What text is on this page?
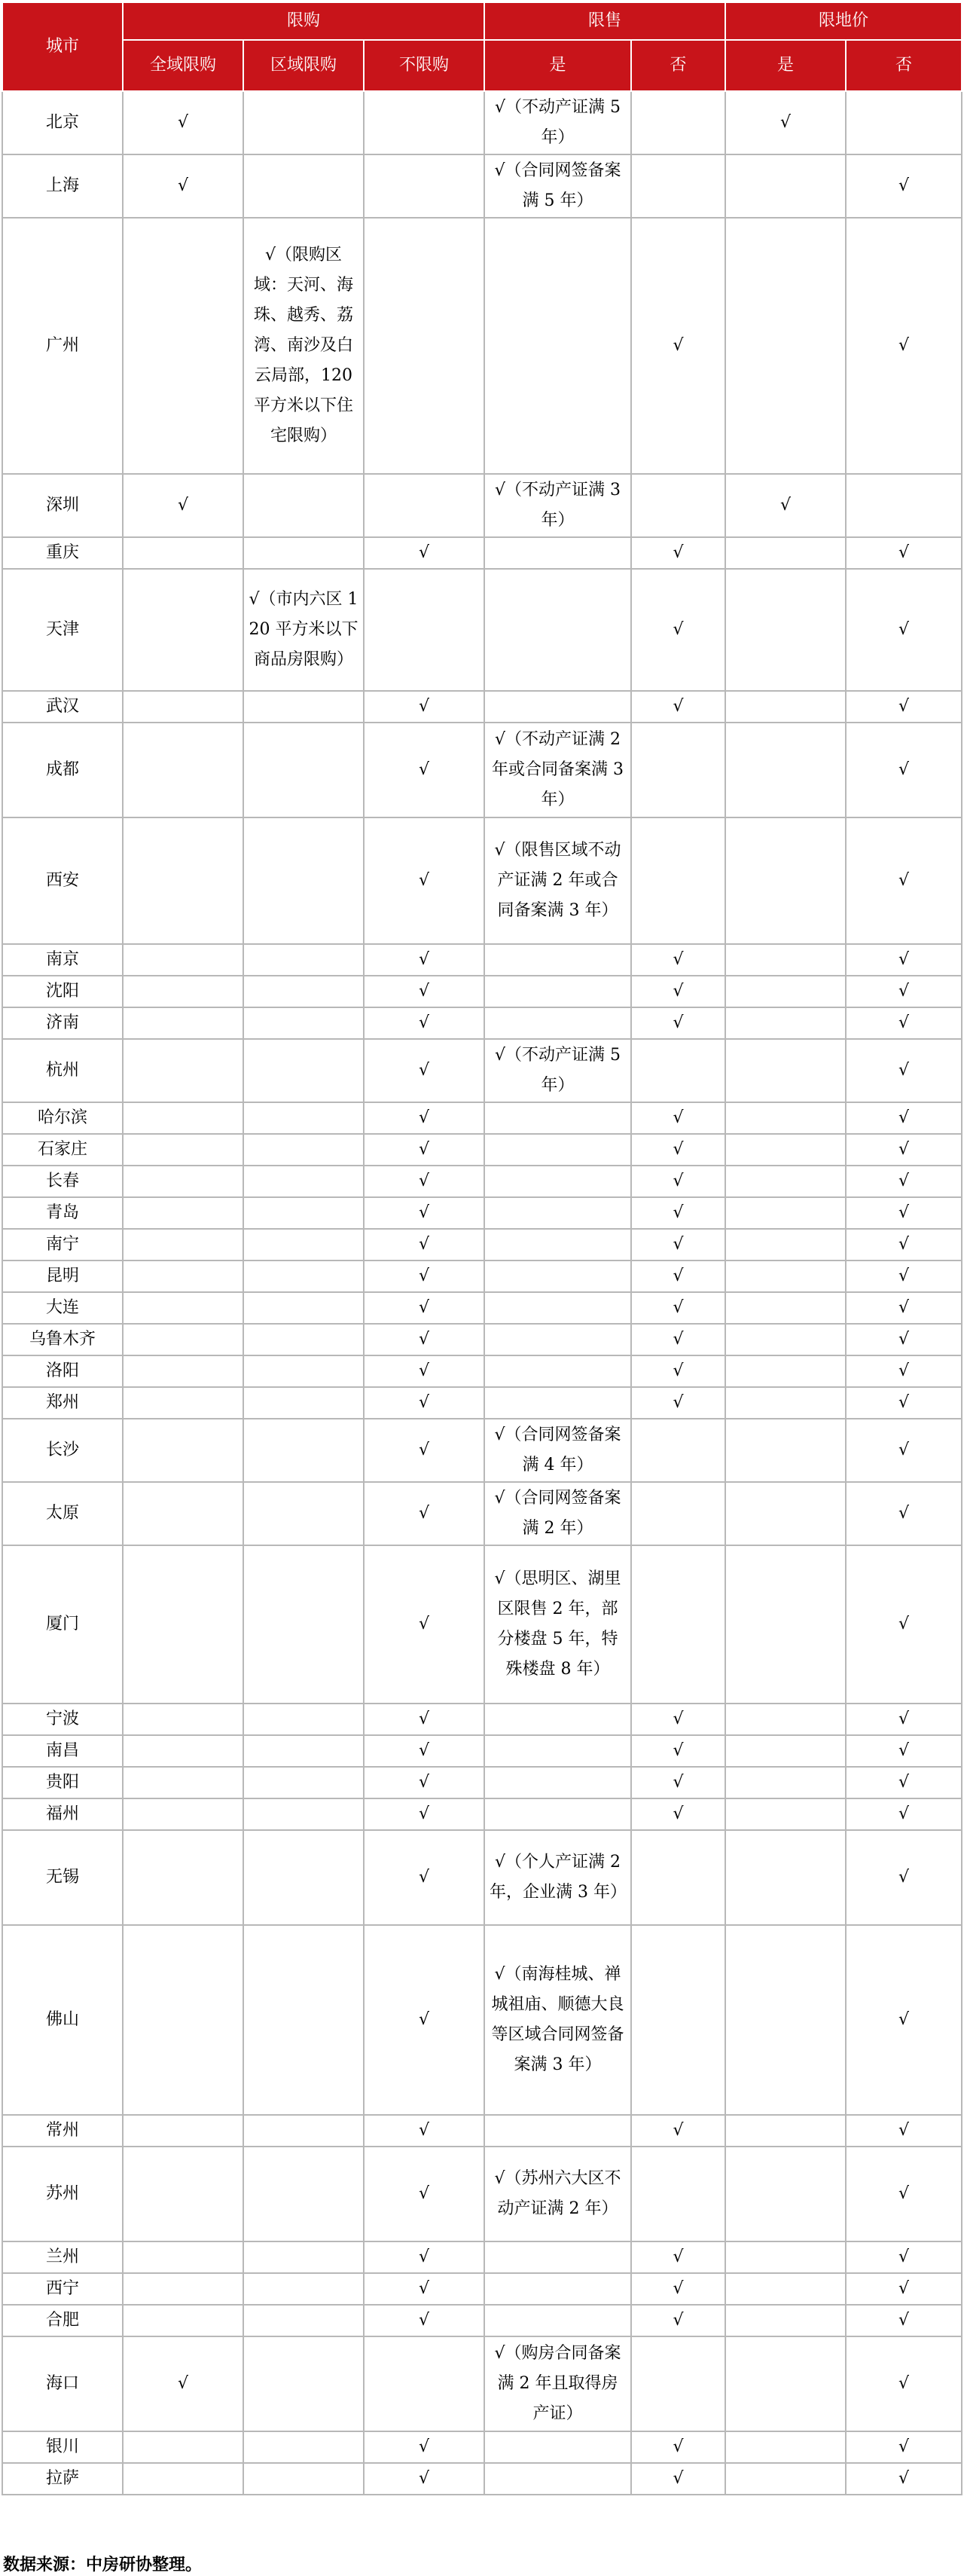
城市	限购			限售		限地价	
	全域限购	区域限购	不限购	是	否	是	否
北京	√			√（不动产证满 5 年）		√	
上海	√			√（合同网签备案满 5 年）			√
广州		√（限购区域：天河、海珠、越秀、荔湾、南沙及白云局部，120 平方米以下住宅限购）			√		√
深圳	√			√（不动产证满 3 年）		√	
重庆			√		√		√
天津		√（市内六区 120 平方米以下商品房限购）			√		√
武汉			√		√		√
成都			√	√（不动产证满 2 年或合同备案满 3 年）			√
西安			√	√（限售区域不动产证满 2 年或合同备案满 3 年）			√
南京			√		√		√
沈阳			√		√		√
济南			√		√		√
杭州			√	√（不动产证满 5 年）			√
哈尔滨			√		√		√
石家庄			√		√		√
长春			√		√		√
青岛			√		√		√
南宁			√		√		√
昆明			√		√		√
大连			√		√		√
乌鲁木齐			√		√		√
洛阳			√		√		√
郑州			√		√		√
长沙			√	√（合同网签备案满 4 年）			√
太原			√	√（合同网签备案满 2 年）			√
厦门			√	√（思明区、湖里区限售 2 年，部分楼盘 5 年，特殊楼盘 8 年）			√
宁波			√		√		√
南昌			√		√		√
贵阳			√		√		√
福州			√		√		√
无锡			√	√（个人产证满 2 年，企业满 3 年）			√
佛山			√	√（南海桂城、禅城祖庙、顺德大良等区域合同网签备案满 3 年）			√
常州			√		√		√
苏州			√	√（苏州六大区不动产证满 2 年）			√
兰州			√		√		√
西宁			√		√		√
合肥			√		√		√
海口	√			√（购房合同备案满 2 年且取得房产证）			√
银川			√		√		√
拉萨			√		√		√
数据来源：中房研协整理。
